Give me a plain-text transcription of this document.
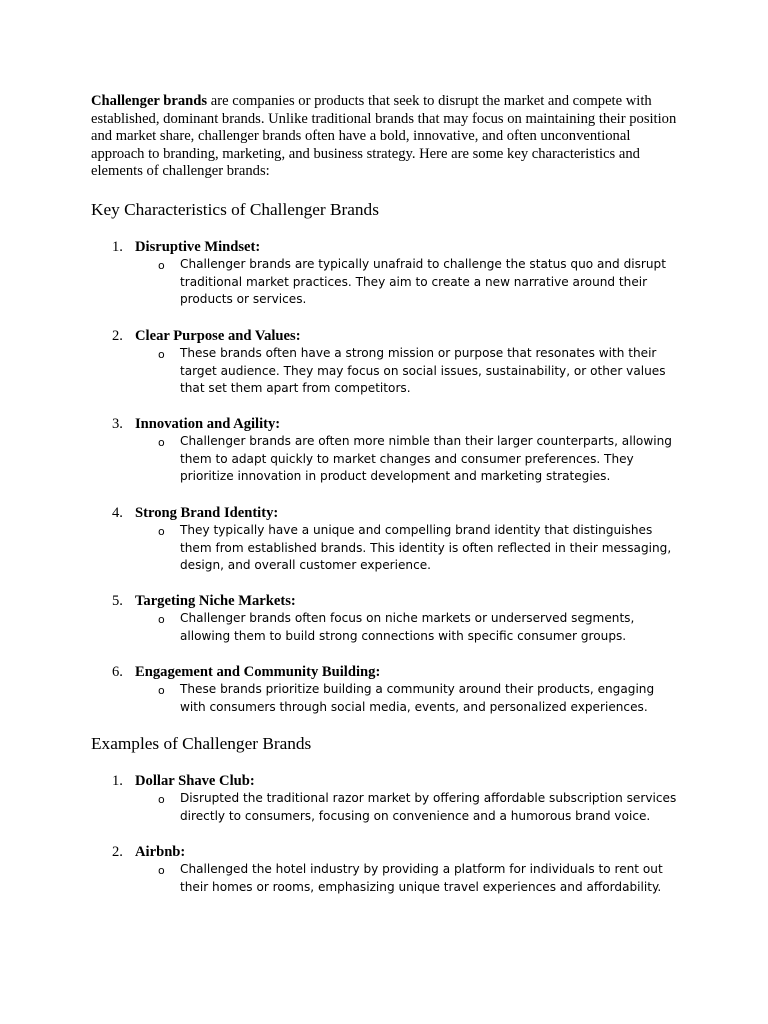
Challenger brands are companies or products that seek to disrupt the market and compete with established, dominant brands. Unlike traditional brands that may focus on maintaining their position and market share, challenger brands often have a bold, innovative, and often unconventional approach to branding, marketing, and business strategy. Here are some key characteristics and elements of challenger brands:

Key Characteristics of Challenger Brands
1. Disruptive Mindset:
o Challenger brands are typically unafraid to challenge the status quo and disrupt traditional market practices. They aim to create a new narrative around their products or services.

2. Clear Purpose and Values:
o These brands often have a strong mission or purpose that resonates with their target audience. They may focus on social issues, sustainability, or other values that set them apart from competitors.

3. Innovation and Agility:
o Challenger brands are often more nimble than their larger counterparts, allowing them to adapt quickly to market changes and consumer preferences. They prioritize innovation in product development and marketing strategies.

4. Strong Brand Identity:
o They typically have a unique and compelling brand identity that distinguishes them from established brands. This identity is often reflected in their messaging, design, and overall customer experience.

5. Targeting Niche Markets:
o Challenger brands often focus on niche markets or underserved segments, allowing them to build strong connections with specific consumer groups.

6. Engagement and Community Building:
o These brands prioritize building a community around their products, engaging with consumers through social media, events, and personalized experiences.

Examples of Challenger Brands
1. Dollar Shave Club:
o Disrupted the traditional razor market by offering affordable subscription services directly to consumers, focusing on convenience and a humorous brand voice.

2. Airbnb:
o Challenged the hotel industry by providing a platform for individuals to rent out their homes or rooms, emphasizing unique travel experiences and affordability.
